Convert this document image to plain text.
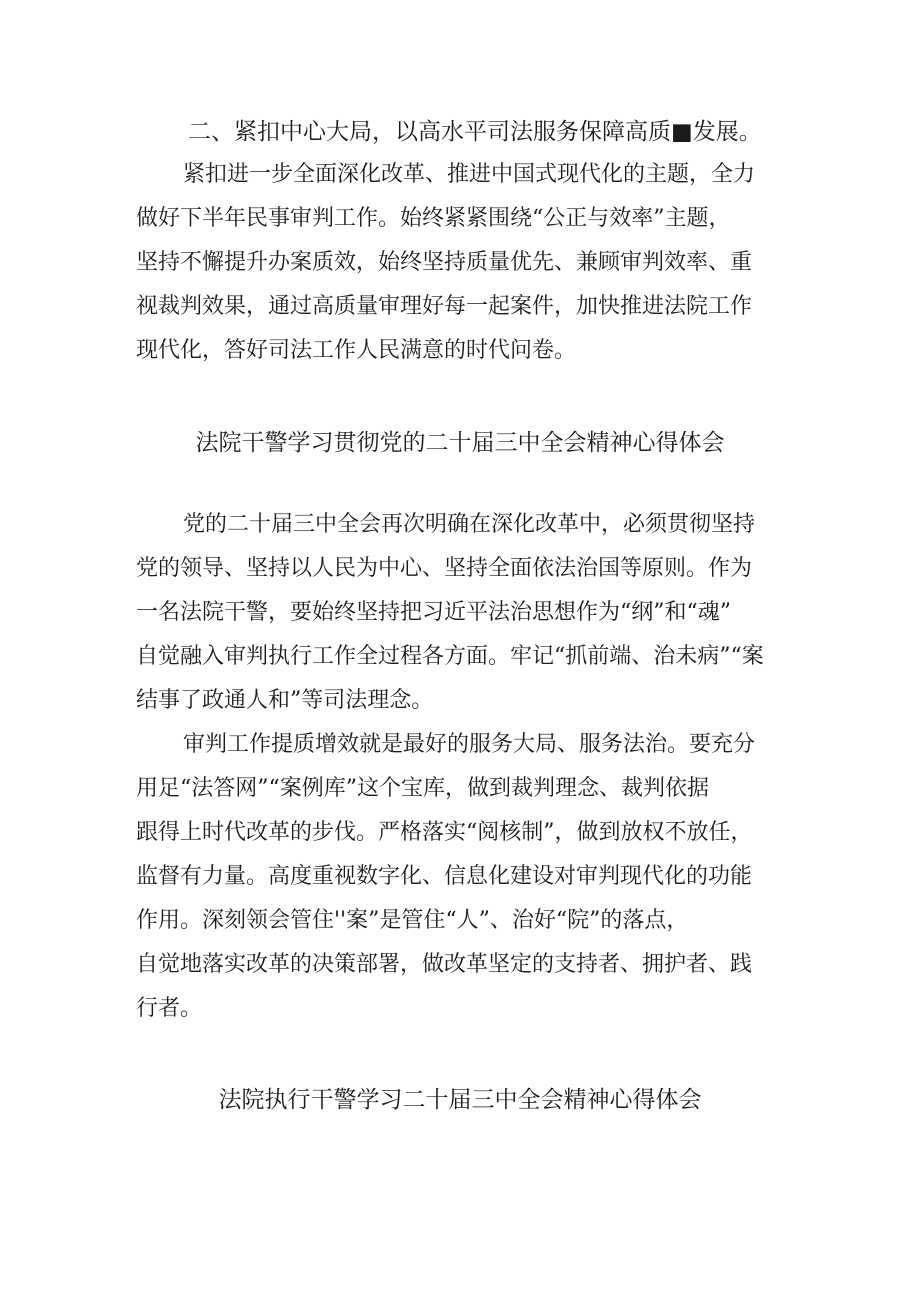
二、紧扣中心大局，以高水平司法服务保障高质■发展。
紧扣进一步全面深化改革、推进中国式现代化的主题，全力
做好下半年民事审判工作。始终紧紧围绕“公正与效率”主题，
坚持不懈提升办案质效，始终坚持质量优先、兼顾审判效率、重
视裁判效果，通过高质量审理好每一起案件，加快推进法院工作
现代化，答好司法工作人民满意的时代问卷。
法院干警学习贯彻党的二十届三中全会精神心得体会
党的二十届三中全会再次明确在深化改革中，必须贯彻坚持
党的领导、坚持以人民为中心、坚持全面依法治国等原则。作为
一名法院干警，要始终坚持把习近平法治思想作为“纲”和“魂”
自觉融入审判执行工作全过程各方面。牢记“抓前端、治未病”“案
结事了政通人和”等司法理念。
审判工作提质增效就是最好的服务大局、服务法治。要充分
用足“法答网”“案例库”这个宝库，做到裁判理念、裁判依据
跟得上时代改革的步伐。严格落实“阅核制”，做到放权不放任，
监督有力量。高度重视数字化、信息化建设对审判现代化的功能
作用。深刻领会管住''案”是管住“人”、治好“院”的落点，
自觉地落实改革的决策部署，做改革坚定的支持者、拥护者、践
行者。
法院执行干警学习二十届三中全会精神心得体会
